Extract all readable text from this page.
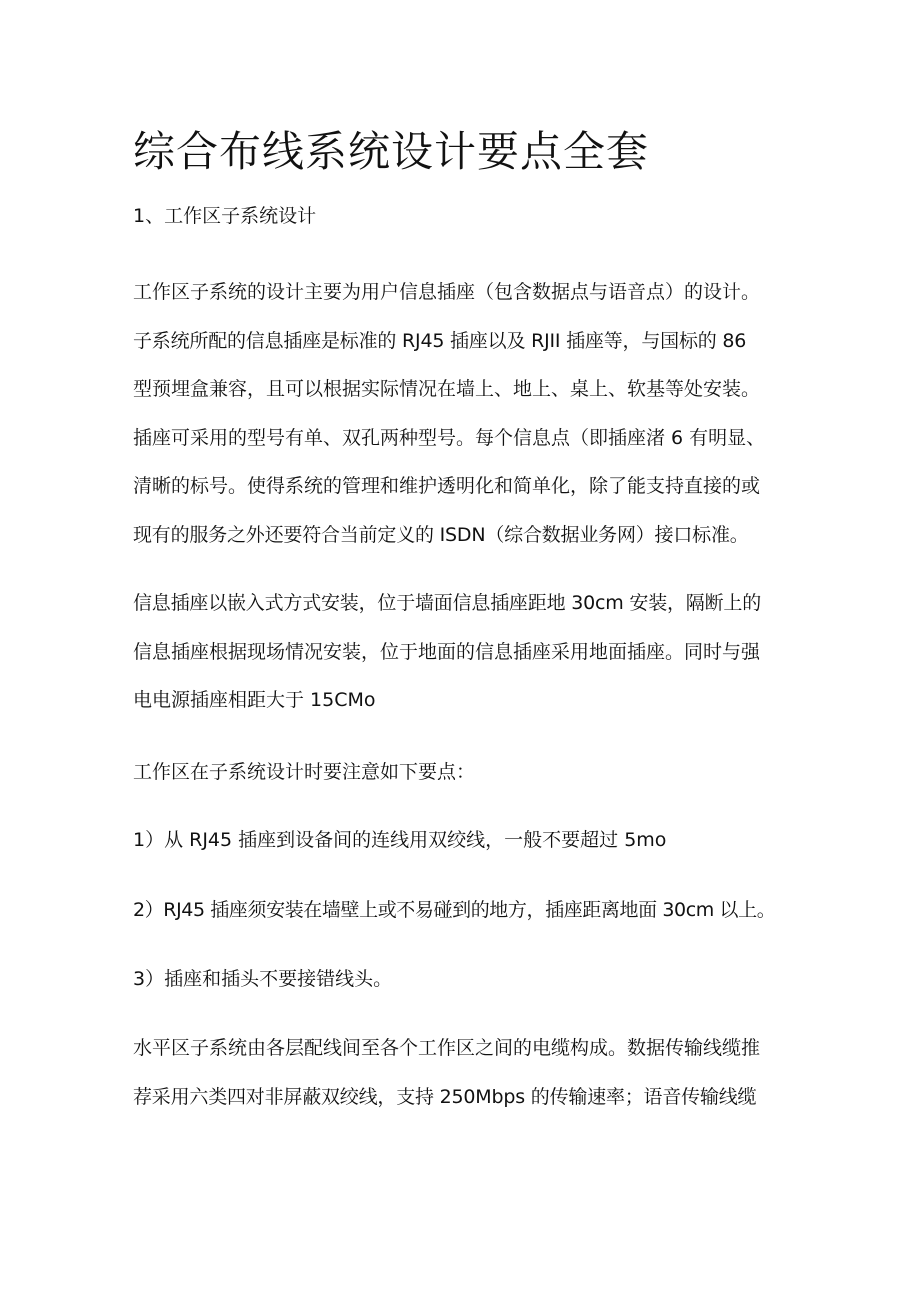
综合布线系统设计要点全套
1、工作区子系统设计
工作区子系统的设计主要为用户信息插座（包含数据点与语音点）的设计。
子系统所配的信息插座是标准的 RJ45 插座以及 RJII 插座等，与国标的 86
型预埋盒兼容，且可以根据实际情况在墙上、地上、桌上、软基等处安装。
插座可采用的型号有单、双孔两种型号。每个信息点（即插座渚 6 有明显、
清晰的标号。使得系统的管理和维护透明化和简单化，除了能支持直接的或
现有的服务之外还要符合当前定义的 ISDN（综合数据业务网）接口标准。
信息插座以嵌入式方式安装，位于墙面信息插座距地 30cm 安装，隔断上的
信息插座根据现场情况安装，位于地面的信息插座采用地面插座。同时与强
电电源插座相距大于 15CMo

工作区在子系统设计时要注意如下要点：

1）从 RJ45 插座到设备间的连线用双绞线，一般不要超过 5mo

2）RJ45 插座须安装在墙壁上或不易碰到的地方，插座距离地面 30cm 以上。

3）插座和插头不要接错线头。

水平区子系统由各层配线间至各个工作区之间的电缆构成。数据传输线缆推
荐采用六类四对非屏蔽双绞线，支持 250Mbps 的传输速率；语音传输线缆
